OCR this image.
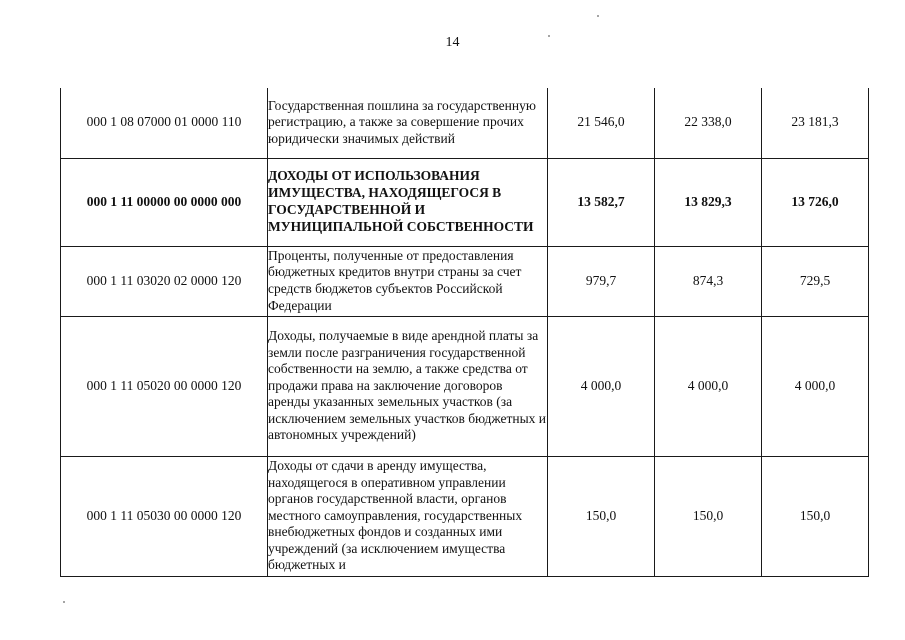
14
000 1 08 07000 01 0000 110	Государственная пошлина за государственную регистрацию, а также за совершение прочих юридически значимых действий	21 546,0	22 338,0	23 181,3
000 1 11 00000 00 0000 000	ДОХОДЫ ОТ ИСПОЛЬЗОВАНИЯ ИМУЩЕСТВА, НАХОДЯЩЕГОСЯ В ГОСУДАРСТВЕННОЙ И МУНИЦИПАЛЬНОЙ СОБСТВЕННОСТИ	13 582,7	13 829,3	13 726,0
000 1 11 03020 02 0000 120	Проценты, полученные от предоставления бюджетных кредитов внутри страны за счет средств бюджетов субъектов Российской Федерации	979,7	874,3	729,5
000 1 11 05020 00 0000 120	Доходы, получаемые в виде арендной платы за земли после разграничения государственной собственности на землю, а также средства от продажи права на заключение договоров аренды указанных земельных участков (за исключением земельных участков бюджетных и автономных учреждений)	4 000,0	4 000,0	4 000,0
000 1 11 05030 00 0000 120	Доходы от сдачи в аренду имущества, находящегося в оперативном управлении органов государственной власти, органов местного самоуправления, государственных внебюджетных фондов и созданных ими учреждений (за исключением имущества бюджетных и	150,0	150,0	150,0
